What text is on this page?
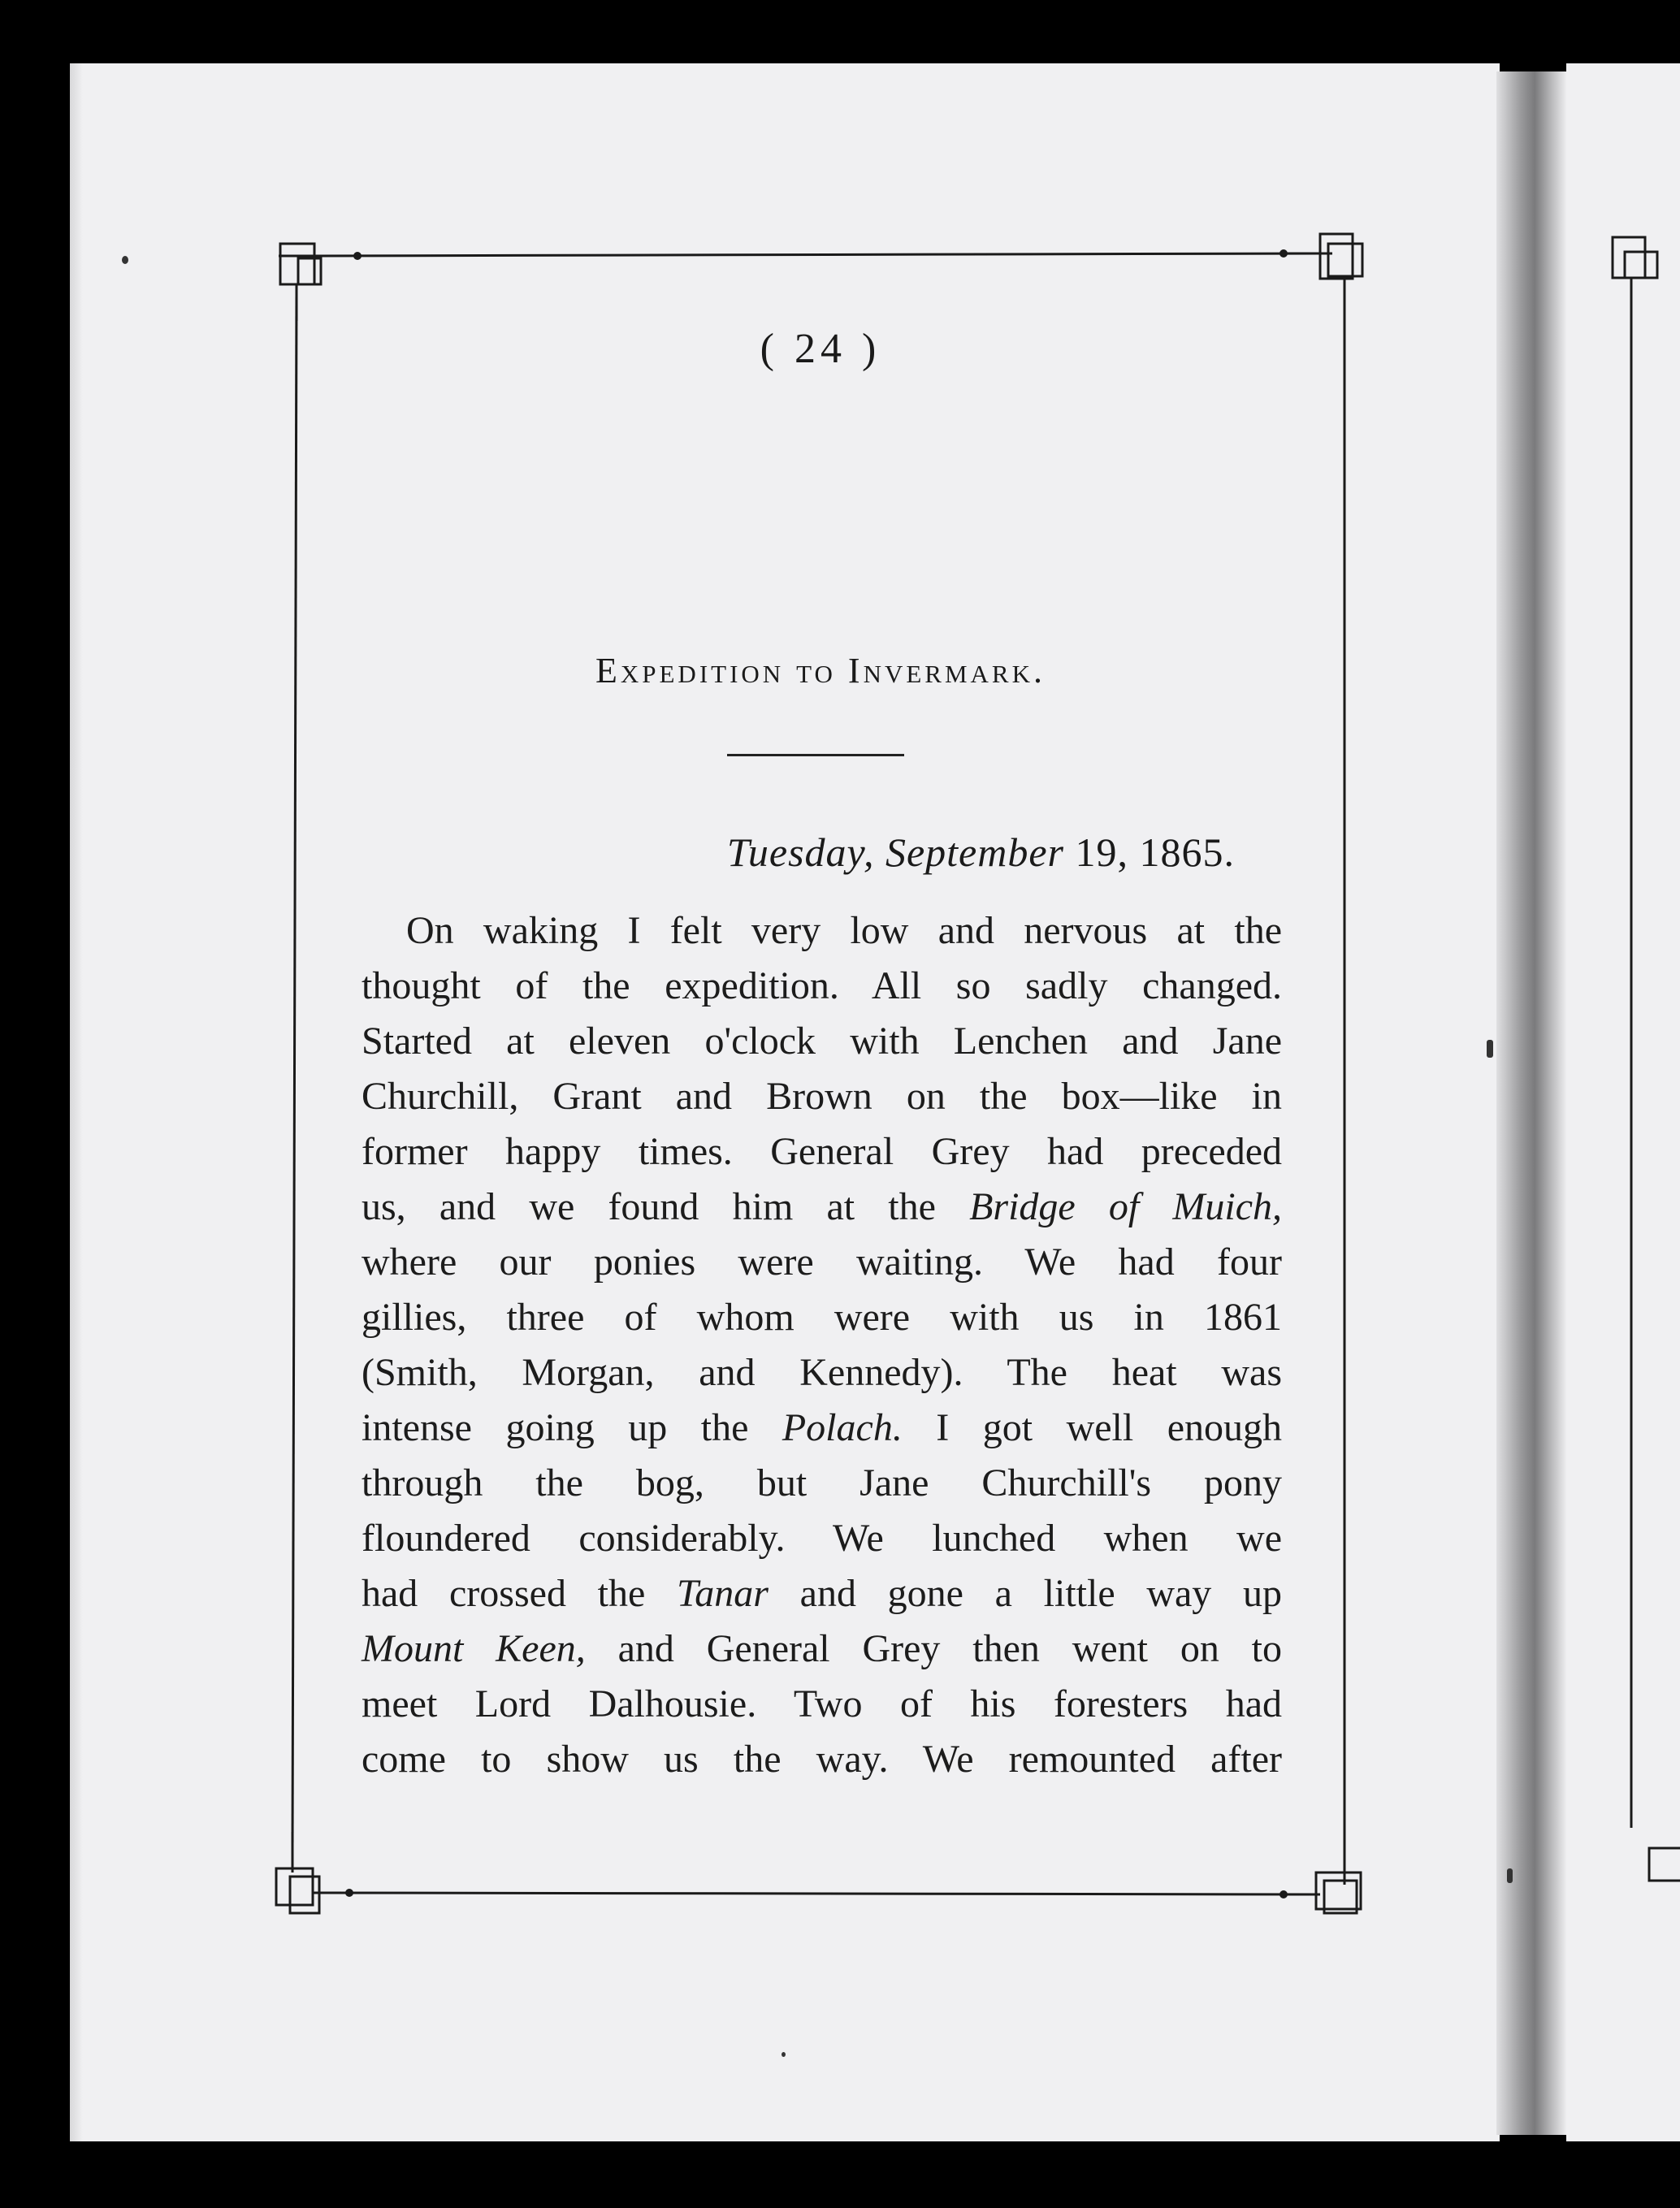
( 24 )
Expedition to Invermark.
Tuesday, September 19, 1865.
On waking I felt very low and nervous at the
thought of the expedition. All so sadly changed.
Started at eleven o'clock with Lenchen and Jane
Churchill, Grant and Brown on the box—like in
former happy times. General Grey had preceded
us, and we found him at the Bridge of Muich,
where our ponies were waiting. We had four
gillies, three of whom were with us in 1861
(Smith, Morgan, and Kennedy). The heat was
intense going up the Polach. I got well enough
through the bog, but Jane Churchill's pony
floundered considerably. We lunched when we
had crossed the Tanar and gone a little way up
Mount Keen, and General Grey then went on to
meet Lord Dalhousie. Two of his foresters had
come to show us the way. We remounted after
